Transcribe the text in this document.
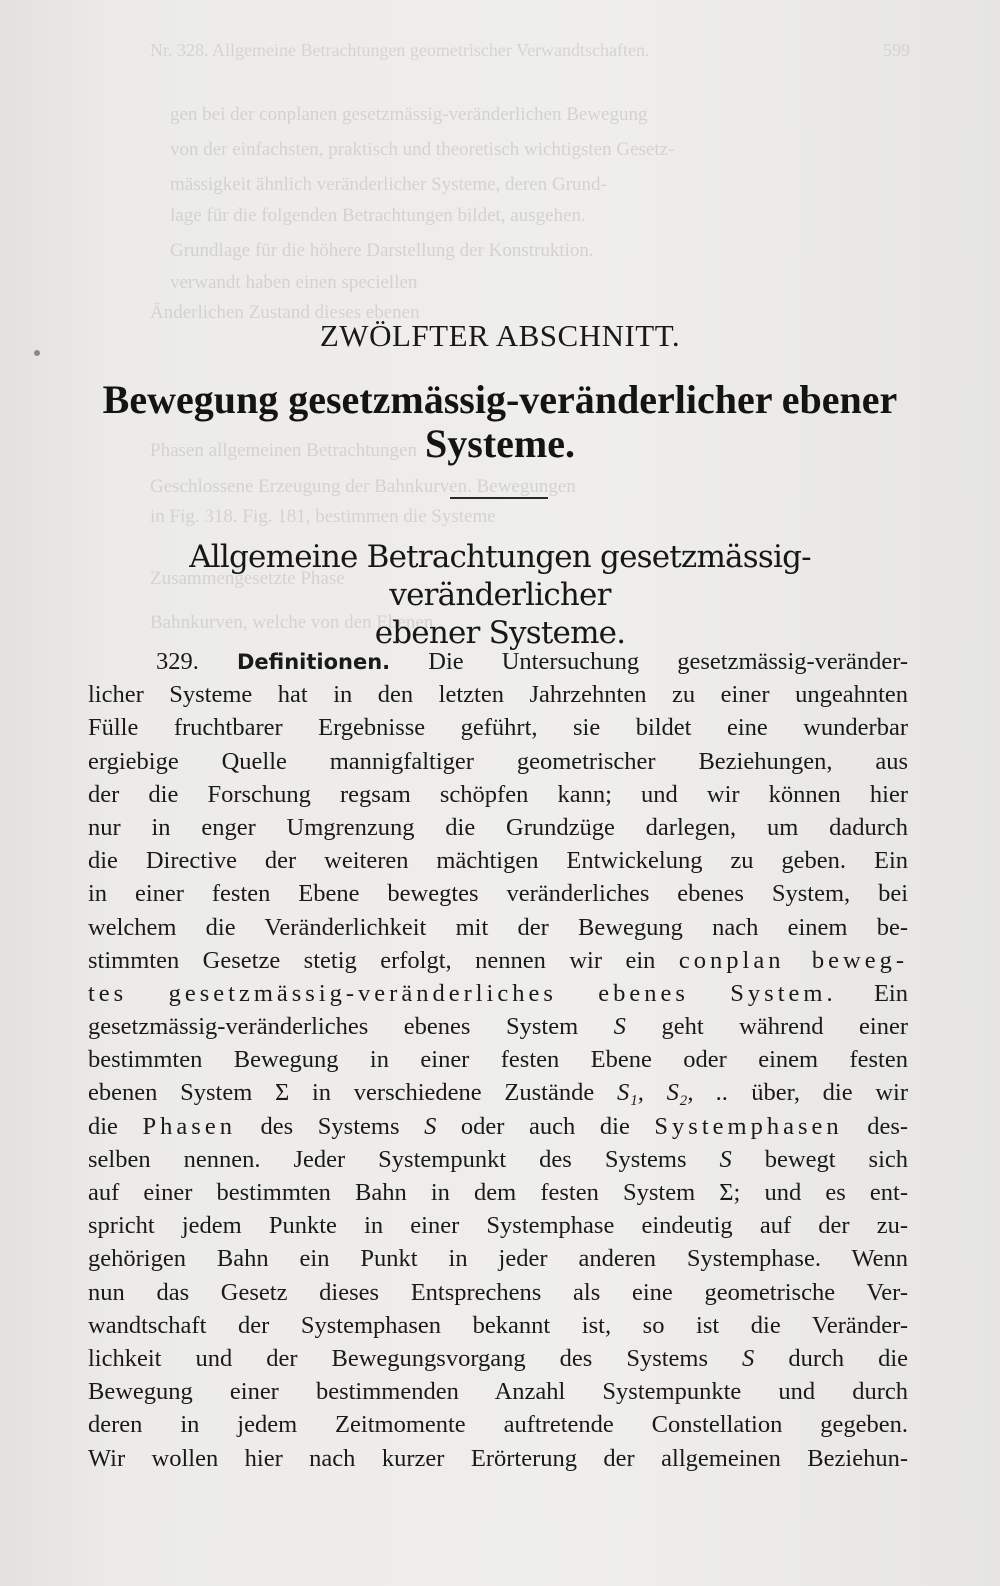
Nr. 328. Allgemeine Betrachtungen geometrischer Verwandtschaften.	599
gen bei der conplanen gesetzmässig-veränderlichen Bewegung
von der einfachsten, praktisch und theoretisch wichtigsten Gesetz-
mässigkeit ähnlich veränderlicher Systeme, deren Grund-
lage für die folgenden Betrachtungen bildet, ausgehen.
Grundlage für die höhere Darstellung der Konstruktion.
verwandt haben einen speciellen
Änderlichen Zustand dieses ebenen
Phasen allgemeinen Betrachtungen
Geschlossene Erzeugung der Bahnkurven. Bewegungen
in Fig. 318. Fig. 181, bestimmen die Systeme
Zusammengesetzte Phase
Bahnkurven, welche von den Ebenen
ZWÖLFTER ABSCHNITT.
Bewegung gesetzmässig-veränderlicher ebener
Systeme.
Allgemeine Betrachtungen gesetzmässig-veränderlicher
ebener Systeme.
329. Definitionen. Die Untersuchung gesetzmässig-veränder-
licher Systeme hat in den letzten Jahrzehnten zu einer ungeahnten
Fülle fruchtbarer Ergebnisse geführt, sie bildet eine wunderbar
ergiebige Quelle mannigfaltiger geometrischer Beziehungen, aus
der die Forschung regsam schöpfen kann; und wir können hier
nur in enger Umgrenzung die Grundzüge darlegen, um dadurch
die Directive der weiteren mächtigen Entwickelung zu geben. Ein
in einer festen Ebene bewegtes veränderliches ebenes System, bei
welchem die Veränderlichkeit mit der Bewegung nach einem be-
stimmten Gesetze stetig erfolgt, nennen wir ein conplan beweg-
tes gesetzmässig-veränderliches ebenes System. Ein
gesetzmässig-veränderliches ebenes System S geht während einer
bestimmten Bewegung in einer festen Ebene oder einem festen
ebenen System Σ in verschiedene Zustände S₁, S₂, .. über, die wir
die Phasen des Systems S oder auch die Systemphasen des-
selben nennen. Jeder Systempunkt des Systems S bewegt sich
auf einer bestimmten Bahn in dem festen System Σ; und es ent-
spricht jedem Punkte in einer Systemphase eindeutig auf der zu-
gehörigen Bahn ein Punkt in jeder anderen Systemphase. Wenn
nun das Gesetz dieses Entsprechens als eine geometrische Ver-
wandtschaft der Systemphasen bekannt ist, so ist die Veränder-
lichkeit und der Bewegungsvorgang des Systems S durch die
Bewegung einer bestimmenden Anzahl Systempunkte und durch
deren in jedem Zeitmomente auftretende Constellation gegeben.
Wir wollen hier nach kurzer Erörterung der allgemeinen Beziehun-
